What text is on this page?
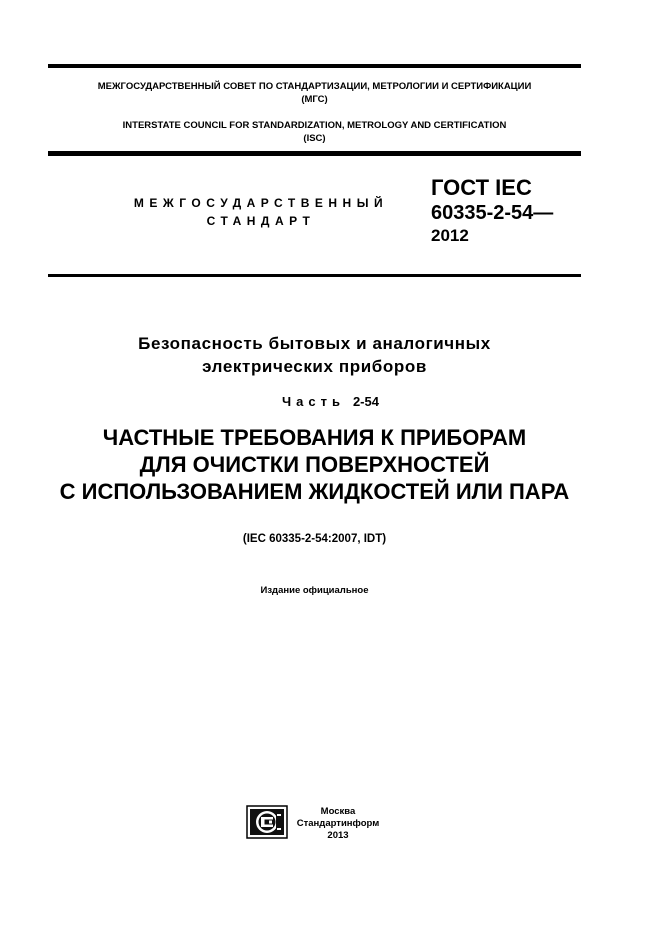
МЕЖГОСУДАРСТВЕННЫЙ СОВЕТ ПО СТАНДАРТИЗАЦИИ, МЕТРОЛОГИИ И СЕРТИФИКАЦИИ
(МГС)
INTERSTATE COUNCIL FOR STANDARDIZATION, METROLOGY AND CERTIFICATION
(ISC)
МЕЖГОСУДАРСТВЕННЫЙ
СТАНДАРТ
ГОСТ IEC
60335-2-54—
2012
Безопасность бытовых и аналогичных
электрических приборов
Часть 2-54
ЧАСТНЫЕ ТРЕБОВАНИЯ К ПРИБОРАМ
ДЛЯ ОЧИСТКИ ПОВЕРХНОСТЕЙ
С ИСПОЛЬЗОВАНИЕМ ЖИДКОСТЕЙ ИЛИ ПАРА
(IEC 60335-2-54:2007, IDT)
Издание официальное
Москва
Стандартинформ
2013
